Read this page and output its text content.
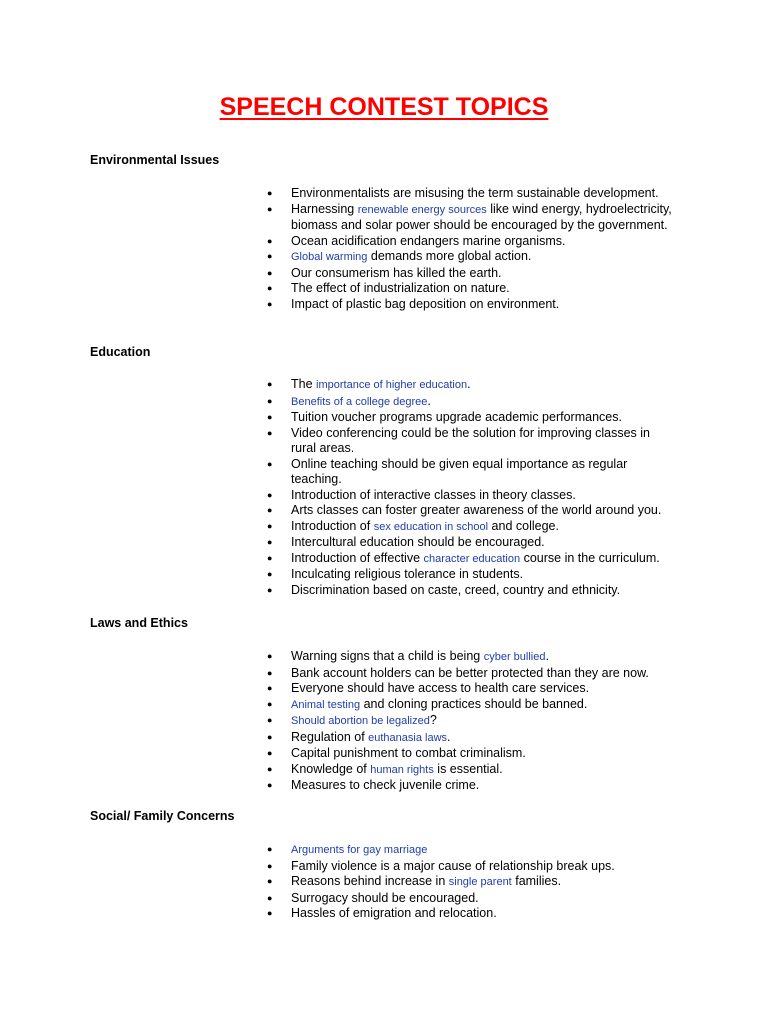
SPEECH CONTEST TOPICS
Environmental Issues
● Environmentalists are misusing the term sustainable development.
● Harnessing renewable energy sources like wind energy, hydroelectricity, biomass and solar power should be encouraged by the government.
● Ocean acidification endangers marine organisms.
● Global warming demands more global action.
● Our consumerism has killed the earth.
● The effect of industrialization on nature.
● Impact of plastic bag deposition on environment.
Education
● The importance of higher education.
● Benefits of a college degree.
● Tuition voucher programs upgrade academic performances.
● Video conferencing could be the solution for improving classes in rural areas.
● Online teaching should be given equal importance as regular teaching.
● Introduction of interactive classes in theory classes.
● Arts classes can foster greater awareness of the world around you.
● Introduction of sex education in school and college.
● Intercultural education should be encouraged.
● Introduction of effective character education course in the curriculum.
● Inculcating religious tolerance in students.
● Discrimination based on caste, creed, country and ethnicity.
Laws and Ethics
● Warning signs that a child is being cyber bullied.
● Bank account holders can be better protected than they are now.
● Everyone should have access to health care services.
● Animal testing and cloning practices should be banned.
● Should abortion be legalized?
● Regulation of euthanasia laws.
● Capital punishment to combat criminalism.
● Knowledge of human rights is essential.
● Measures to check juvenile crime.
Social/ Family Concerns
● Arguments for gay marriage
● Family violence is a major cause of relationship break ups.
● Reasons behind increase in single parent families.
● Surrogacy should be encouraged.
● Hassles of emigration and relocation.
